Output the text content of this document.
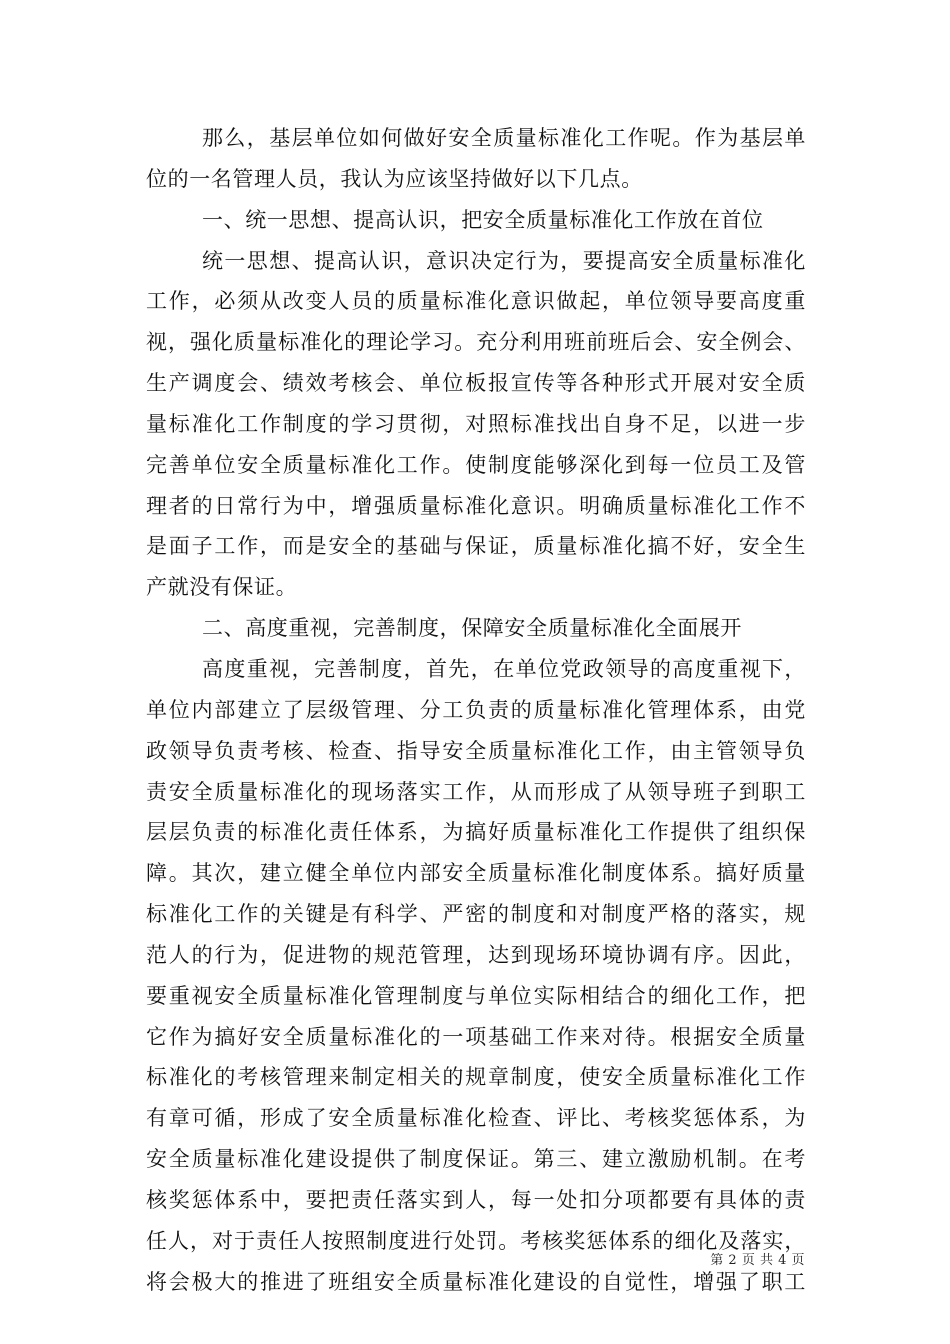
那么，基层单位如何做好安全质量标准化工作呢。作为基层单
位的一名管理人员，我认为应该坚持做好以下几点。
一、统一思想、提高认识，把安全质量标准化工作放在首位
统一思想、提高认识，意识决定行为，要提高安全质量标准化
工作，必须从改变人员的质量标准化意识做起，单位领导要高度重
视，强化质量标准化的理论学习。充分利用班前班后会、安全例会、
生产调度会、绩效考核会、单位板报宣传等各种形式开展对安全质
量标准化工作制度的学习贯彻，对照标准找出自身不足，以进一步
完善单位安全质量标准化工作。使制度能够深化到每一位员工及管
理者的日常行为中，增强质量标准化意识。明确质量标准化工作不
是面子工作，而是安全的基础与保证，质量标准化搞不好，安全生
产就没有保证。
二、高度重视，完善制度，保障安全质量标准化全面展开
高度重视，完善制度，首先，在单位党政领导的高度重视下，
单位内部建立了层级管理、分工负责的质量标准化管理体系，由党
政领导负责考核、检查、指导安全质量标准化工作，由主管领导负
责安全质量标准化的现场落实工作，从而形成了从领导班子到职工
层层负责的标准化责任体系，为搞好质量标准化工作提供了组织保
障。其次，建立健全单位内部安全质量标准化制度体系。搞好质量
标准化工作的关键是有科学、严密的制度和对制度严格的落实，规
范人的行为，促进物的规范管理，达到现场环境协调有序。因此，
要重视安全质量标准化管理制度与单位实际相结合的细化工作，把
它作为搞好安全质量标准化的一项基础工作来对待。根据安全质量
标准化的考核管理来制定相关的规章制度，使安全质量标准化工作
有章可循，形成了安全质量标准化检查、评比、考核奖惩体系，为
安全质量标准化建设提供了制度保证。第三、建立激励机制。在考
核奖惩体系中，要把责任落实到人，每一处扣分项都要有具体的责
任人，对于责任人按照制度进行处罚。考核奖惩体系的细化及落实，
将会极大的推进了班组安全质量标准化建设的自觉性，增强了职工
第 2 页 共 4 页
